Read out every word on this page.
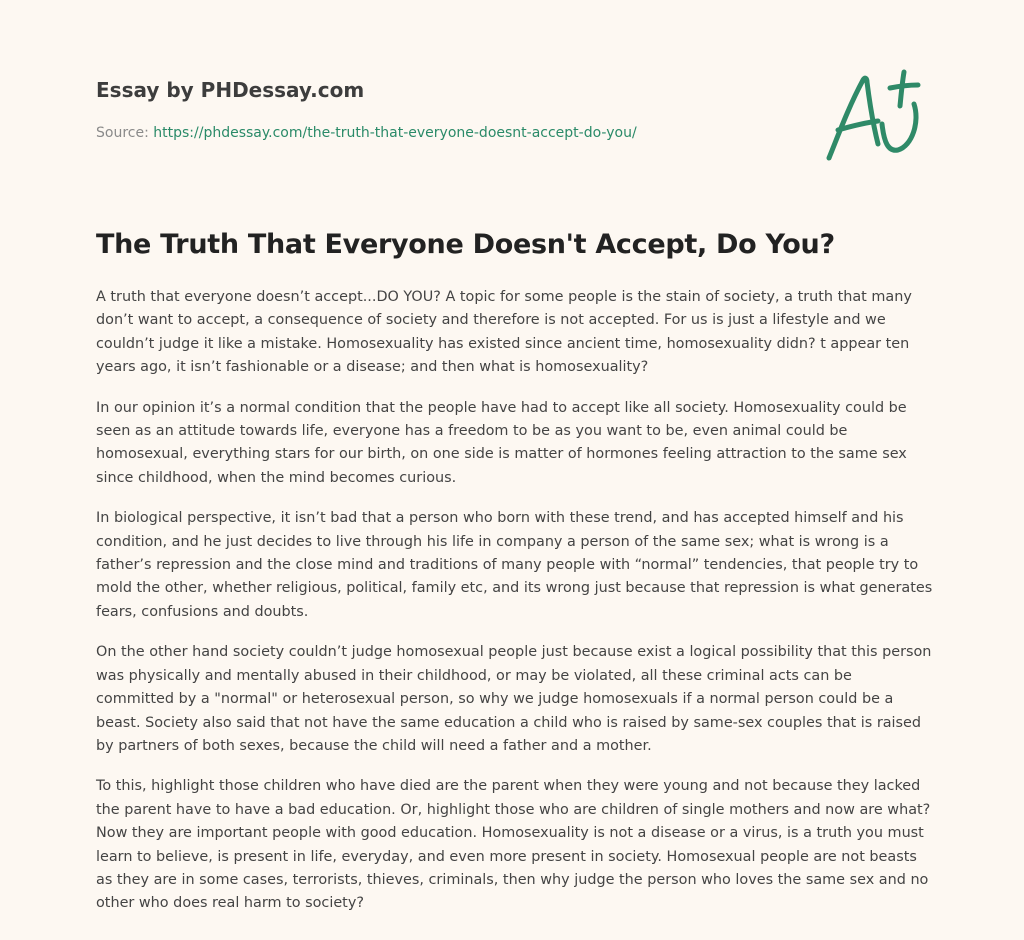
Essay by PHDessay.com

Source: https://phdessay.com/the-truth-that-everyone-doesnt-accept-do-you/
The Truth That Everyone Doesn't Accept, Do You?

A truth that everyone doesn’t accept...DO YOU? A topic for some people is the stain of society, a truth that many don’t want to accept, a consequence of society and therefore is not accepted. For us is just a lifestyle and we couldn’t judge it like a mistake. Homosexuality has existed since ancient time, homosexuality didn? t appear ten years ago, it isn’t fashionable or a disease; and then what is homosexuality?

In our opinion it’s a normal condition that the people have had to accept like all society. Homosexuality could be seen as an attitude towards life, everyone has a freedom to be as you want to be, even animal could be homosexual, everything stars for our birth, on one side is matter of hormones feeling attraction to the same sex since childhood, when the mind becomes curious.

In biological perspective, it isn’t bad that a person who born with these trend, and has accepted himself and his condition, and he just decides to live through his life in company a person of the same sex; what is wrong is a father’s repression and the close mind and traditions of many people with “normal” tendencies, that people try to mold the other, whether religious, political, family etc, and its wrong just because that repression is what generates fears, confusions and doubts.

On the other hand society couldn’t judge homosexual people just because exist a logical possibility that this person was physically and mentally abused in their childhood, or may be violated, all these criminal acts can be committed by a "normal" or heterosexual person, so why we judge homosexuals if a normal person could be a beast. Society also said that not have the same education a child who is raised by same-sex couples that is raised by partners of both sexes, because the child will need a father and a mother.

To this, highlight those children who have died are the parent when they were young and not because they lacked the parent have to have a bad education. Or, highlight those who are children of single mothers and now are what? Now they are important people with good education. Homosexuality is not a disease or a virus, is a truth you must learn to believe, is present in life, everyday, and even more present in society. Homosexual people are not beasts as they are in some cases, terrorists, thieves, criminals, then why judge the person who loves the same sex and no other who does real harm to society?
